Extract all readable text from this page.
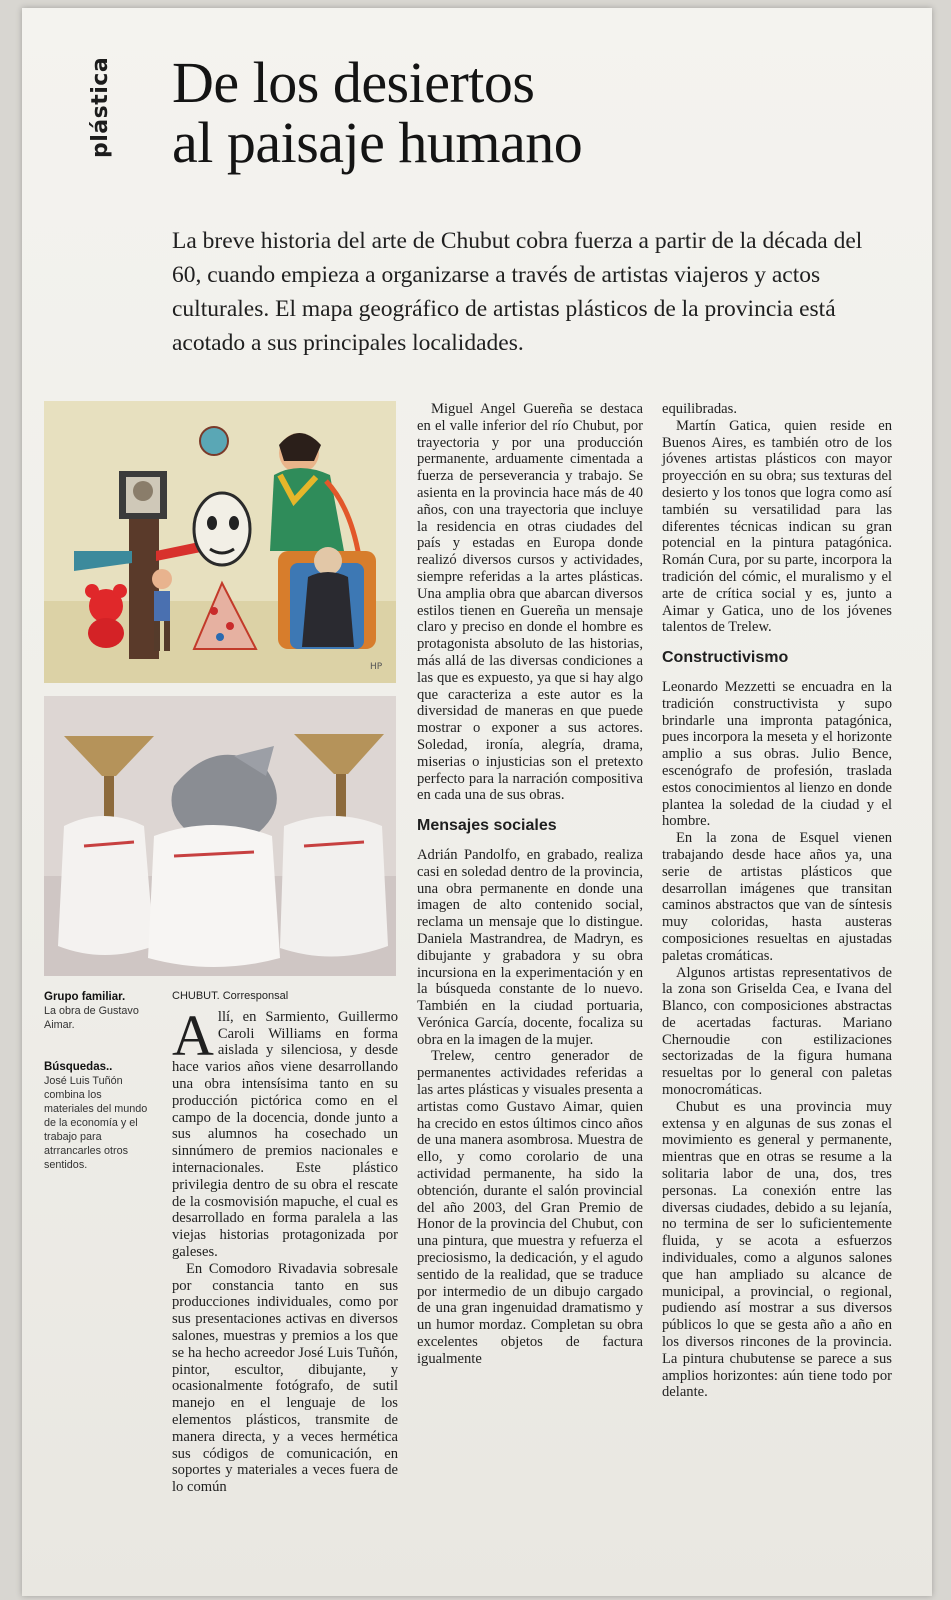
plástica De los desiertos
al paisaje humano

La breve historia del arte de Chubut cobra fuerza a partir de la década del 60, cuando empieza a organizarse a través de artistas viajeros y actos culturales. El mapa geográfico de artistas plásticos de la provincia está acotado a sus principales localidades.

HP
Grupo familiar.
La obra de Gustavo Aimar.
Búsquedas..
José Luis Tuñón combina los materiales del mundo de la economía y el trabajo para atrrancarles otros sentidos.
CHUBUT. Corresponsal

Allí, en Sarmiento, Guillermo Caroli Williams en forma aislada y silenciosa, y desde hace varios años viene desarrollando una obra intensísima tanto en su producción pictórica como en el campo de la docencia, donde junto a sus alumnos ha cosechado un sinnúmero de premios nacionales e internacionales. Este plástico privilegia dentro de su obra el rescate de la cosmovisión mapuche, el cual es desarrollado en forma paralela a las viejas historias protagonizada por galeses.

En Comodoro Rivadavia sobresale por constancia tanto en sus producciones individuales, como por sus presentaciones activas en diversos salones, muestras y premios a los que se ha hecho acreedor José Luis Tuñón, pintor, escultor, dibujante, y ocasionalmente fotógrafo, de sutil manejo en el lenguaje de los elementos plásticos, transmite de manera directa, y a veces hermética sus códigos de comunicación, en soportes y materiales a veces fuera de lo común

Miguel Angel Guereña se destaca en el valle inferior del río Chubut, por trayectoria y por una producción permanente, arduamente cimentada a fuerza de perseverancia y trabajo. Se asienta en la provincia hace más de 40 años, con una trayectoria que incluye la residencia en otras ciudades del país y estadas en Europa donde realizó diversos cursos y actividades, siempre referidas a la artes plásticas. Una amplia obra que abarcan diversos estilos tienen en Guereña un mensaje claro y preciso en donde el hombre es protagonista absoluto de las historias, más allá de las diversas condiciones a las que es expuesto, ya que si hay algo que caracteriza a este autor es la diversidad de maneras en que puede mostrar o exponer a sus actores. Soledad, ironía, alegría, drama, miserias o injusticias son el pretexto perfecto para la narración compositiva en cada una de sus obras.

Mensajes sociales

Adrián Pandolfo, en grabado, realiza casi en soledad dentro de la provincia, una obra permanente en donde una imagen de alto contenido social, reclama un mensaje que lo distingue. Daniela Mastrandrea, de Madryn, es dibujante y grabadora y su obra incursiona en la experimentación y en la búsqueda constante de lo nuevo. También en la ciudad portuaria, Verónica García, docente, focaliza su obra en la imagen de la mujer.

Trelew, centro generador de permanentes actividades referidas a las artes plásticas y visuales presenta a artistas como Gustavo Aimar, quien ha crecido en estos últimos cinco años de una manera asombrosa. Muestra de ello, y como corolario de una actividad permanente, ha sido la obtención, durante el salón provincial del año 2003, del Gran Premio de Honor de la provincia del Chubut, con una pintura, que muestra y refuerza el preciosismo, la dedicación, y el agudo sentido de la realidad, que se traduce por intermedio de un dibujo cargado de una gran ingenuidad dramatismo y un humor mordaz. Completan su obra excelentes objetos de factura igualmente

equilibradas.

Martín Gatica, quien reside en Buenos Aires, es también otro de los jóvenes artistas plásticos con mayor proyección en su obra; sus texturas del desierto y los tonos que logra como así también su versatilidad para las diferentes técnicas indican su gran potencial en la pintura patagónica. Román Cura, por su parte, incorpora la tradición del cómic, el muralismo y el arte de crítica social y es, junto a Aimar y Gatica, uno de los jóvenes talentos de Trelew.

Constructivismo

Leonardo Mezzetti se encuadra en la tradición constructivista y supo brindarle una impronta patagónica, pues incorpora la meseta y el horizonte amplio a sus obras. Julio Bence, escenógrafo de profesión, traslada estos conocimientos al lienzo en donde plantea la soledad de la ciudad y el hombre.

En la zona de Esquel vienen trabajando desde hace años ya, una serie de artistas plásticos que desarrollan imágenes que transitan caminos abstractos que van de síntesis muy coloridas, hasta austeras composiciones resueltas en ajustadas paletas cromáticas.

Algunos artistas representativos de la zona son Griselda Cea, e Ivana del Blanco, con composiciones abstractas de acertadas facturas. Mariano Chernoudie con estilizaciones sectorizadas de la figura humana resueltas por lo general con paletas monocromáticas.

Chubut es una provincia muy extensa y en algunas de sus zonas el movimiento es general y permanente, mientras que en otras se resume a la solitaria labor de una, dos, tres personas. La conexión entre las diversas ciudades, debido a su lejanía, no termina de ser lo suficientemente fluida, y se acota a esfuerzos individuales, como a algunos salones que han ampliado su alcance de municipal, a provincial, o regional, pudiendo así mostrar a sus diversos públicos lo que se gesta año a año en los diversos rincones de la provincia. La pintura chubutense se parece a sus amplios horizontes: aún tiene todo por delante.
